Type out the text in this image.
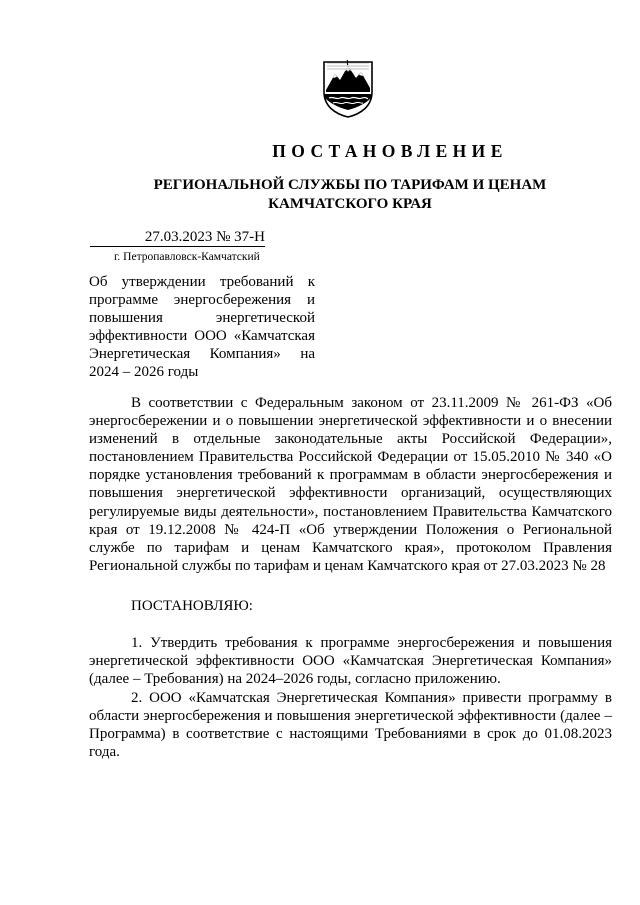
ПОСТАНОВЛЕНИЕ
РЕГИОНАЛЬНОЙ СЛУЖБЫ ПО ТАРИФАМ И ЦЕНАМ
КАМЧАТСКОГО КРАЯ
27.03.2023 № 37-Н
г. Петропавловск-Камчатский
Об утверждении требований к программе энергосбережения и повышения энергетической эффективности ООО «Камчатская Энергетическая Компания» на 2024 – 2026 годы
В соответствии с Федеральным законом от 23.11.2009 № 261-ФЗ «Об энергосбережении и о повышении энергетической эффективности и о внесении изменений в отдельные законодательные акты Российской Федерации», постановлением Правительства Российской Федерации от 15.05.2010 № 340 «О порядке установления требований к программам в области энергосбережения и повышения энергетической эффективности организаций, осуществляющих регулируемые виды деятельности», постановлением Правительства Камчатского края от 19.12.2008 № 424-П «Об утверждении Положения о Региональной службе по тарифам и ценам Камчатского края», протоколом Правления Региональной службы по тарифам и ценам Камчатского края от 27.03.2023 № 28
ПОСТАНОВЛЯЮ:
1. Утвердить требования к программе энергосбережения и повышения энергетической эффективности ООО «Камчатская Энергетическая Компания» (далее – Требования) на 2024–2026 годы, согласно приложению.
2. ООО «Камчатская Энергетическая Компания» привести программу в области энергосбережения и повышения энергетической эффективности (далее – Программа) в соответствие с настоящими Требованиями в срок до 01.08.2023 года.
